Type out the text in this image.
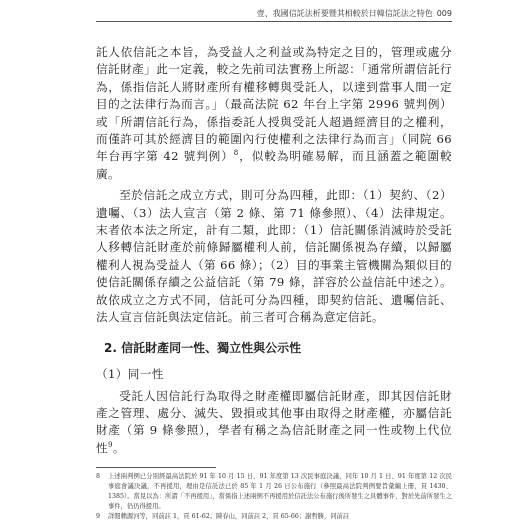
壹、我國信託法析要暨其相較於日韓信託法之特色 009

託人依信託之本旨，為受益人之利益或為特定之目的，管理或處分信託財產」此一定義，較之先前司法實務上所認：「通常所謂信託行為，係指信託人將財產所有權移轉與受託人，以達到當事人間一定目的之法律行為而言。」（最高法院 62 年台上字第 2996 號判例）或「所謂信託行為，係指委託人授與受託人超過經濟目的之權利，而僅許可其於經濟目的範圍內行使權利之法律行為而言」（同院 66 年台再字第 42 號判例）$^8$，似較為明確易解，而且涵蓋之範圍較廣。

至於信託之成立方式，則可分為四種，此即：（1）契約、（2）遺囑、（3）法人宣言（第 2 條、第 71 條參照）、（4）法律規定。末者依本法之所定，計有二類，此即：（1）信託關係消滅時於受託人移轉信託財產於前條歸屬權利人前，信託關係視為存續，以歸屬權利人視為受益人（第 66 條）；（2）目的事業主管機關為類似目的使信託關係存續之公益信託（第 79 條，詳容於公益信託中述之）。故依成立之方式不同，信託可分為四種，即契約信託、遺囑信託、法人宣言信託與法定信託。前三者可合稱為意定信託。

2. 信託財產同一性、獨立性與公示性
（1）同一性

受託人因信託行為取得之財產權即屬信託財產，即其因信託財產之管理、處分、滅失、毀損或其他事由取得之財產權，亦屬信託財產（第 9 條參照），學者有稱之為信託財產之同一性或物上代位性$^9$。

8	上述兩判例已分別經最高法院於 91 年 10 月 15 日、91 年度第 13 次民事庭決議，同年 10 月 1 日、91 年度第 12 次民事庭會議決議，不再援用，理由是信託法已於 85 年 1 月 26 日公布施行（參照最高法院判例要旨彙編上冊，頁 1430、1385）。當見以為：所謂「不再援用」，當係指上述兩例不再援用於信託法公布施行後所發生之具體事件，對於先前所發生之事件，仍仍得援用。
9	詳閱賴源河等，同前註 1，頁 61-62；陳春山，同前註 2，頁 65-66；謝哲勝，同前註
